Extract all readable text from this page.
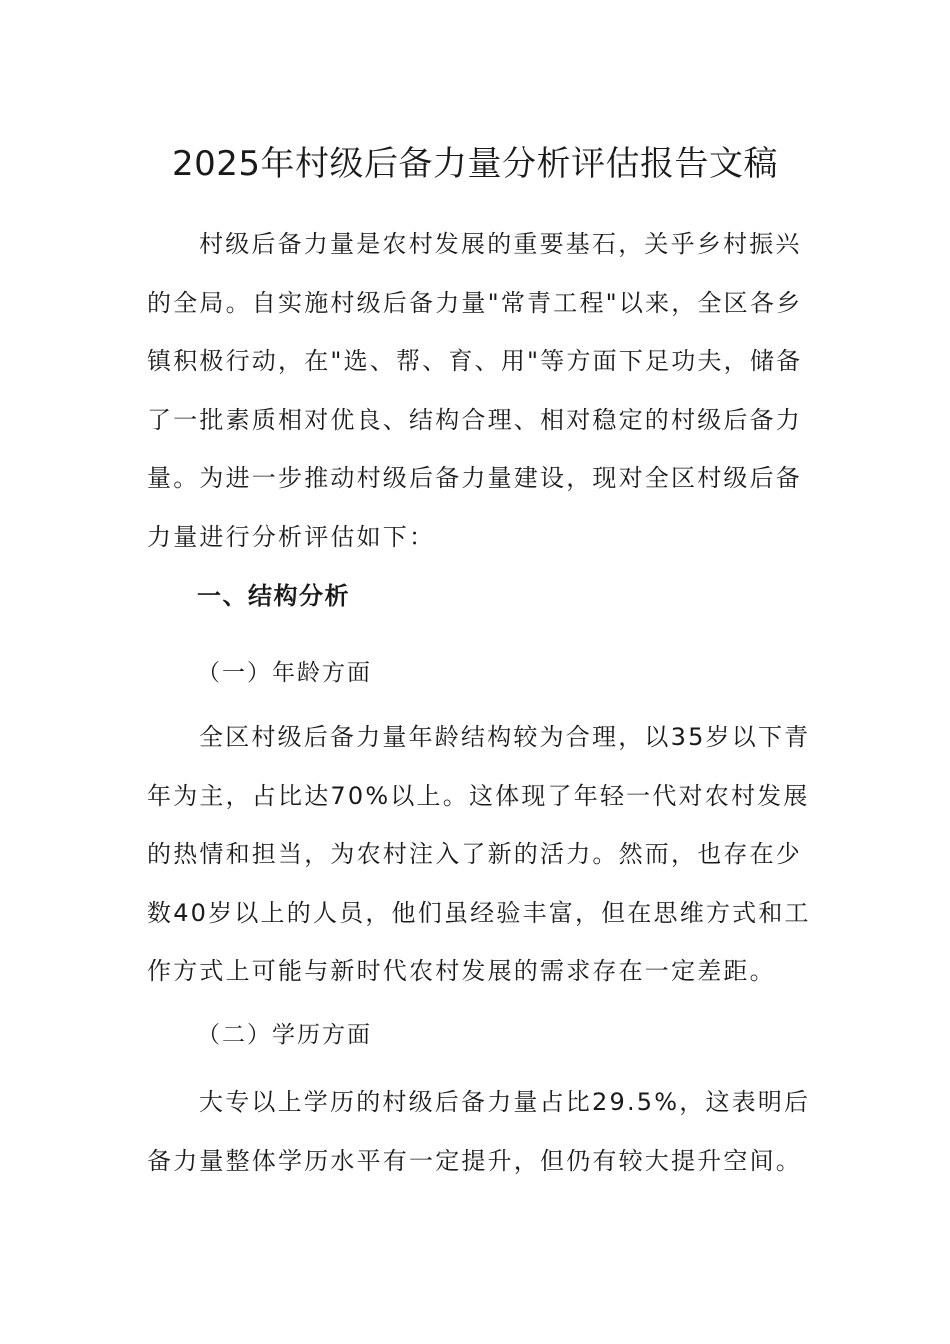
2025年村级后备力量分析评估报告文稿

村级后备力量是农村发展的重要基石，关乎乡村振兴的全局。自实施村级后备力量"常青工程"以来，全区各乡镇积极行动，在"选、帮、育、用"等方面下足功夫，储备了一批素质相对优良、结构合理、相对稳定的村级后备力量。为进一步推动村级后备力量建设，现对全区村级后备力量进行分析评估如下：

一、结构分析
（一）年龄方面

全区村级后备力量年龄结构较为合理，以35岁以下青年为主，占比达70%以上。这体现了年轻一代对农村发展的热情和担当，为农村注入了新的活力。然而，也存在少数40岁以上的人员，他们虽经验丰富，但在思维方式和工作方式上可能与新时代农村发展的需求存在一定差距。

（二）学历方面

大专以上学历的村级后备力量占比29.5%，这表明后备力量整体学历水平有一定提升，但仍有较大提升空间。
